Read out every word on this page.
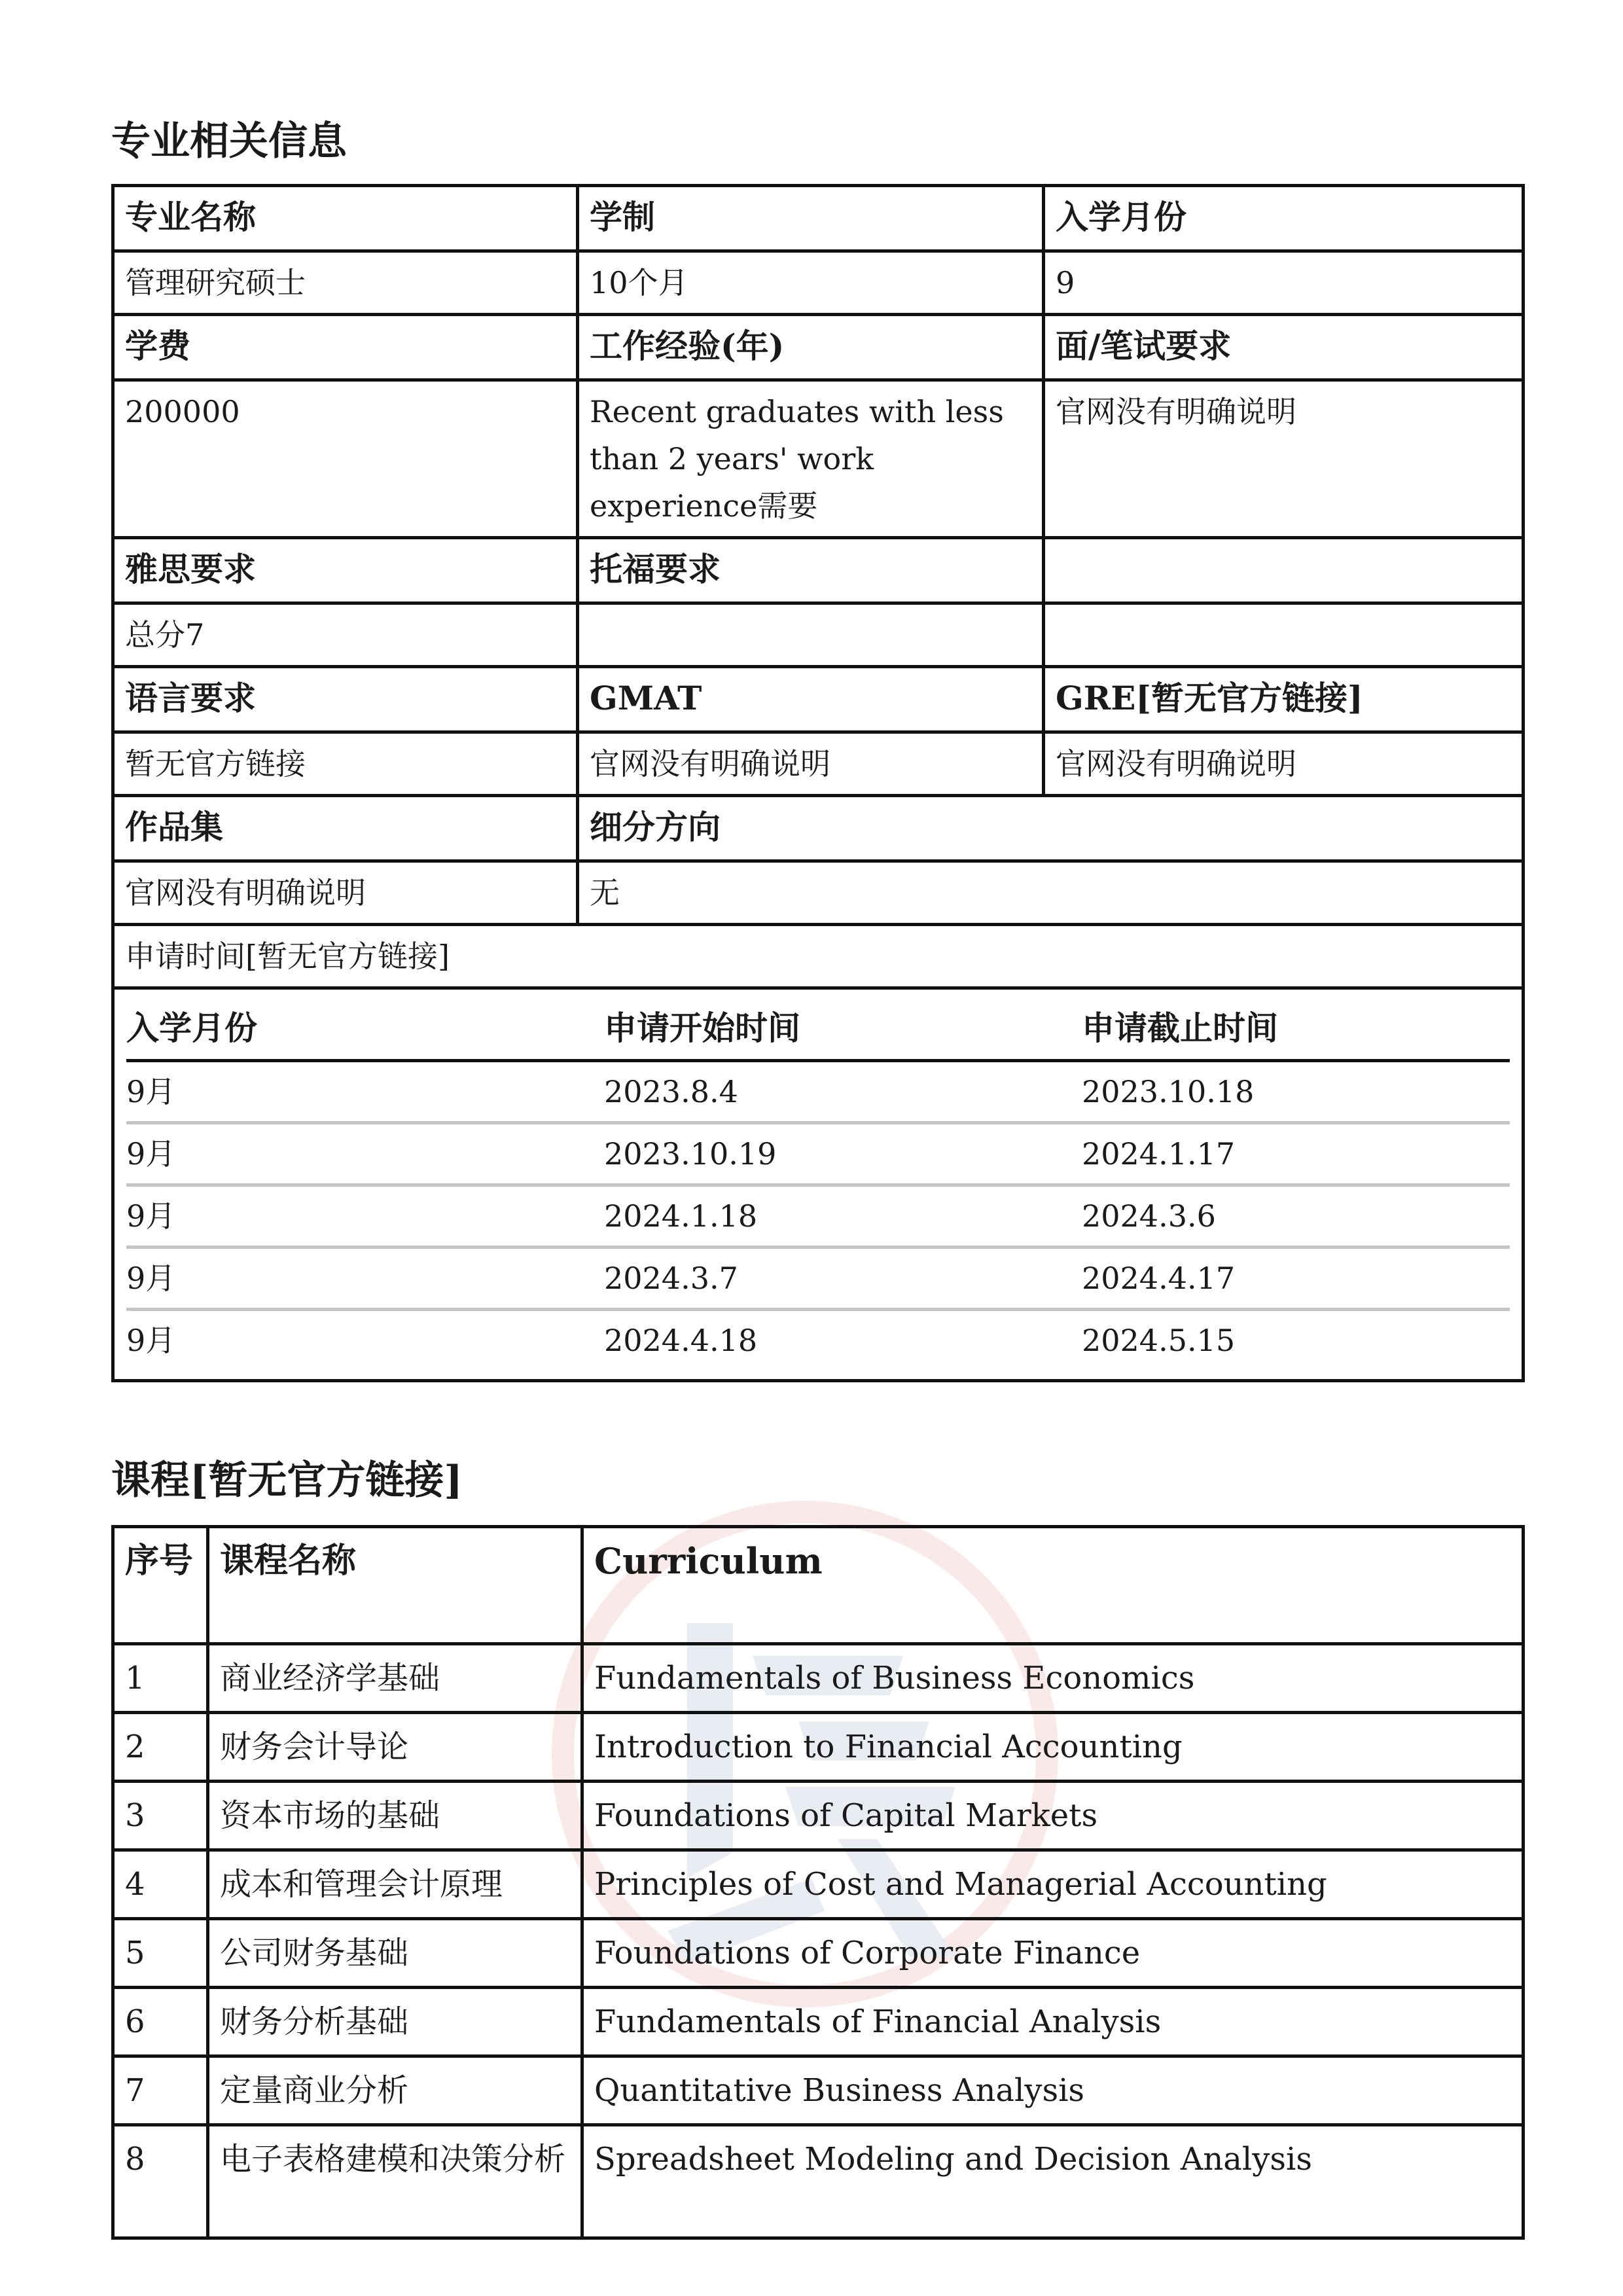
专业相关信息
专业名称	学制	入学月份
管理研究硕士	10个月	9
学费	工作经验(年)	面/笔试要求
200000	Recent graduates with less than 2 years' work experience需要	官网没有明确说明
雅思要求	托福要求	
总分7		
语言要求	GMAT	GRE[暂无官方链接]
暂无官方链接	官网没有明确说明	官网没有明确说明
作品集	细分方向
官网没有明确说明	无
申请时间[暂无官方链接]

入学月份	申请开始时间	申请截止时间
9月	2023.8.4	2023.10.18
9月	2023.10.19	2024.1.17
9月	2024.1.18	2024.3.6
9月	2024.3.7	2024.4.17
9月	2024.4.18	2024.5.15
课程[暂无官方链接]
序号	课程名称	Curriculum
1	商业经济学基础	Fundamentals of Business Economics
2	财务会计导论	Introduction to Financial Accounting
3	资本市场的基础	Foundations of Capital Markets
4	成本和管理会计原理	Principles of Cost and Managerial Accounting
5	公司财务基础	Foundations of Corporate Finance
6	财务分析基础	Fundamentals of Financial Analysis
7	定量商业分析	Quantitative Business Analysis
8	电子表格建模和决策分析	Spreadsheet Modeling and Decision Analysis
